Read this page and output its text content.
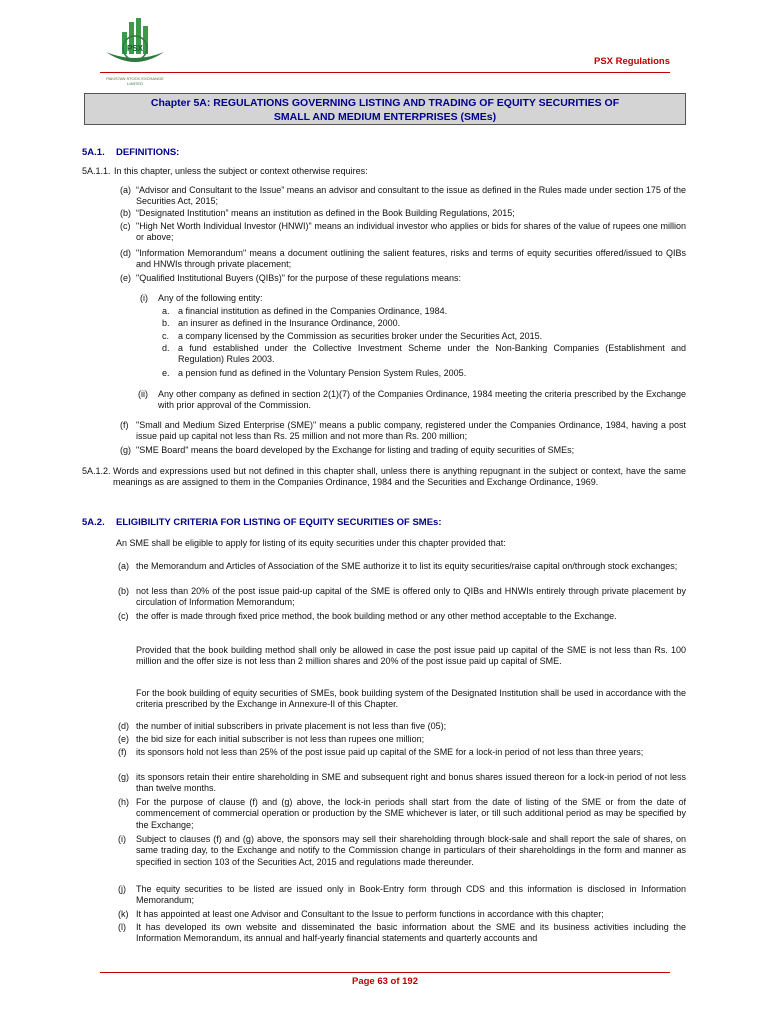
PSX
PAKISTAN STOCK EXCHANGE LIMITED
PSX Regulations
Chapter 5A: REGULATIONS GOVERNING LISTING AND TRADING OF EQUITY SECURITIES OF
SMALL AND MEDIUM ENTERPRISES (SMEs)
5A.1. DEFINITIONS:
5A.1.1. In this chapter, unless the subject or context otherwise requires:
(a) “Advisor and Consultant to the Issue” means an advisor and consultant to the issue as defined in the Rules made under section 175 of the Securities Act, 2015;
(b) “Designated Institution” means an institution as defined in the Book Building Regulations, 2015;
(c) "High Net Worth Individual Investor (HNWI)" means an individual investor who applies or bids for shares of the value of rupees one million or above;
(d) "Information Memorandum" means a document outlining the salient features, risks and terms of equity securities offered/issued to QIBs and HNWIs through private placement;
(e) "Qualified Institutional Buyers (QIBs)" for the purpose of these regulations means:
(i) Any of the following entity:
a. a financial institution as defined in the Companies Ordinance, 1984.
b. an insurer as defined in the Insurance Ordinance, 2000.
c. a company licensed by the Commission as securities broker under the Securities Act, 2015.
d. a fund established under the Collective Investment Scheme under the Non-Banking Companies (Establishment and Regulation) Rules 2003.
e. a pension fund as defined in the Voluntary Pension System Rules, 2005.
(ii) Any other company as defined in section 2(1)(7) of the Companies Ordinance, 1984 meeting the criteria prescribed by the Exchange with prior approval of the Commission.
(f) "Small and Medium Sized Enterprise (SME)" means a public company, registered under the Companies Ordinance, 1984, having a post issue paid up capital not less than Rs. 25 million and not more than Rs. 200 million;
(g) "SME Board" means the board developed by the Exchange for listing and trading of equity securities of SMEs;
5A.1.2. Words and expressions used but not defined in this chapter shall, unless there is anything repugnant in the subject or context, have the same meanings as are assigned to them in the Companies Ordinance, 1984 and the Securities and Exchange Ordinance, 1969.
5A.2. ELIGIBILITY CRITERIA FOR LISTING OF EQUITY SECURITIES OF SMEs:
An SME shall be eligible to apply for listing of its equity securities under this chapter provided that:
(a) the Memorandum and Articles of Association of the SME authorize it to list its equity securities/raise capital on/through stock exchanges;
(b) not less than 20% of the post issue paid-up capital of the SME is offered only to QIBs and HNWIs entirely through private placement by circulation of Information Memorandum;
(c) the offer is made through fixed price method, the book building method or any other method acceptable to the Exchange.
Provided that the book building method shall only be allowed in case the post issue paid up capital of the SME is not less than Rs. 100 million and the offer size is not less than 2 million shares and 20% of the post issue paid up capital of SME.
For the book building of equity securities of SMEs, book building system of the Designated Institution shall be used in accordance with the criteria prescribed by the Exchange in Annexure-II of this Chapter.
(d) the number of initial subscribers in private placement is not less than five (05);
(e) the bid size for each initial subscriber is not less than rupees one million;
(f) its sponsors hold not less than 25% of the post issue paid up capital of the SME for a lock-in period of not less than three years;
(g) its sponsors retain their entire shareholding in SME and subsequent right and bonus shares issued thereon for a lock-in period of not less than twelve months.
(h) For the purpose of clause (f) and (g) above, the lock-in periods shall start from the date of listing of the SME or from the date of commencement of commercial operation or production by the SME whichever is later, or till such additional period as may be specified by the Exchange;
(i) Subject to clauses (f) and (g) above, the sponsors may sell their shareholding through block-sale and shall report the sale of shares, on same trading day, to the Exchange and notify to the Commission change in particulars of their shareholdings in the form and manner as specified in section 103 of the Securities Act, 2015 and regulations made thereunder.
(j) The equity securities to be listed are issued only in Book-Entry form through CDS and this information is disclosed in Information Memorandum;
(k) It has appointed at least one Advisor and Consultant to the Issue to perform functions in accordance with this chapter;
(l) It has developed its own website and disseminated the basic information about the SME and its business activities including the Information Memorandum, its annual and half-yearly financial statements and quarterly accounts and
Page 63 of 192
